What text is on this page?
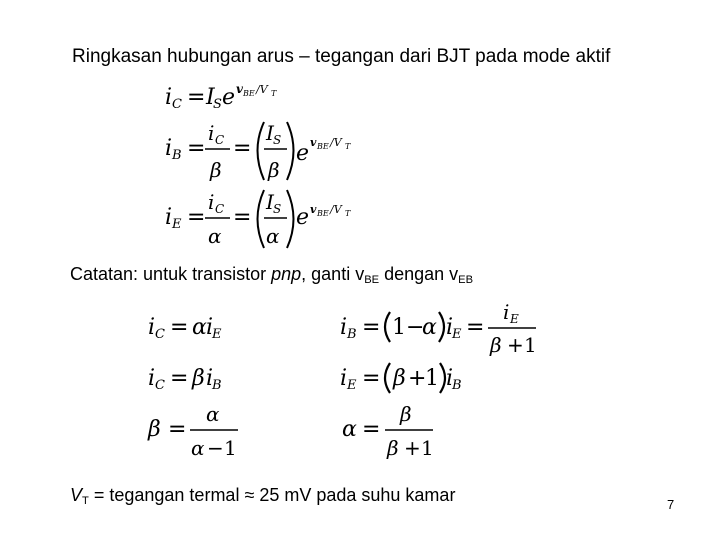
Ringkasan hubungan arus – tegangan dari BJT pada mode aktif
i C = I
S e v BE /V T
i B =
i C
β
=
I S
β
e v BE /V T
i E =
i C
α
=
I S
α
e v BE /V T
i C = α i
E
i C = β i
B
β =
α
α − 1
i B = 1 −
α i
E =
i E
β + 1
i E = β +
1 i
B
α =
β
β + 1
Catatan: untuk transistor pnp, ganti $v_{BE}$ dengan $v_{EB}$
$V_T$ = tegangan termal ≈ 25 mV pada suhu kamar	7
